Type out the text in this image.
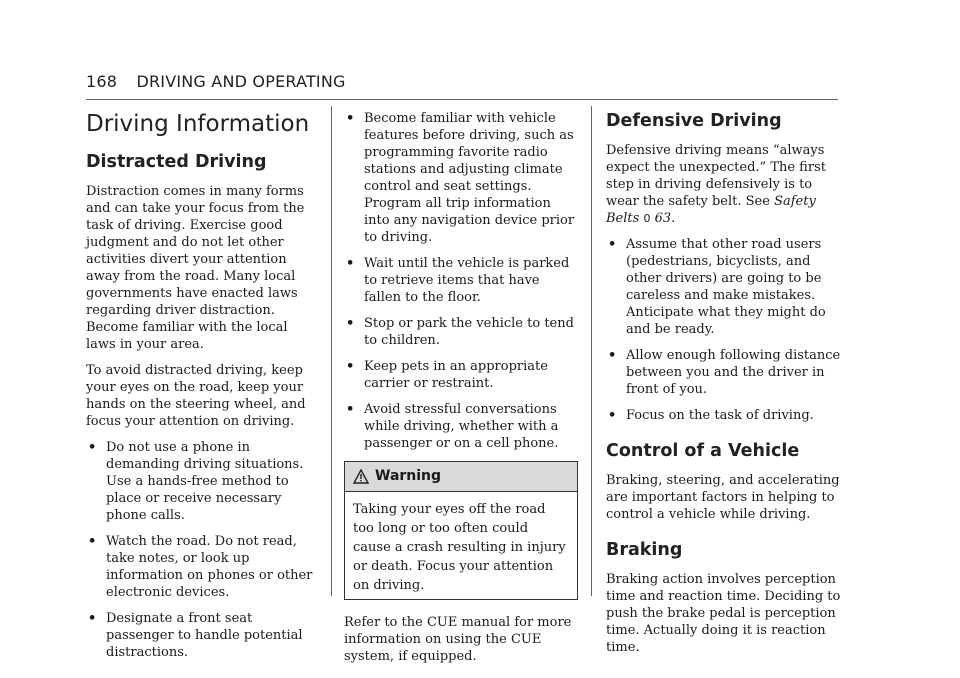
168 DRIVING AND OPERATING
Driving Information
Distracted Driving

Distraction comes in many forms and can take your focus from the task of driving. Exercise good judgment and do not let other activities divert your attention away from the road. Many local governments have enacted laws regarding driver distraction. Become familiar with the local laws in your area.

To avoid distracted driving, keep your eyes on the road, keep your hands on the steering wheel, and focus your attention on driving.

• Do not use a phone in demanding driving situations. Use a hands-free method to place or receive necessary phone calls.
• Watch the road. Do not read, take notes, or look up information on phones or other electronic devices.
• Designate a front seat passenger to handle potential distractions.
• Become familiar with vehicle features before driving, such as programming favorite radio stations and adjusting climate control and seat settings. Program all trip information into any navigation device prior to driving.
• Wait until the vehicle is parked to retrieve items that have fallen to the floor.
• Stop or park the vehicle to tend to children.
• Keep pets in an appropriate carrier or restraint.
• Avoid stressful conversations while driving, whether with a passenger or on a cell phone.
Warning
Taking your eyes off the road too long or too often could cause a crash resulting in injury or death. Focus your attention on driving.

Refer to the CUE manual for more information on using the CUE system, if equipped.

Defensive Driving

Defensive driving means “always expect the unexpected.” The first step in driving defensively is to wear the safety belt. See Safety Belts 0 63.

• Assume that other road users (pedestrians, bicyclists, and other drivers) are going to be careless and make mistakes. Anticipate what they might do and be ready.
• Allow enough following distance between you and the driver in front of you.
• Focus on the task of driving.
Control of a Vehicle

Braking, steering, and accelerating are important factors in helping to control a vehicle while driving.

Braking

Braking action involves perception time and reaction time. Deciding to push the brake pedal is perception time. Actually doing it is reaction time.
